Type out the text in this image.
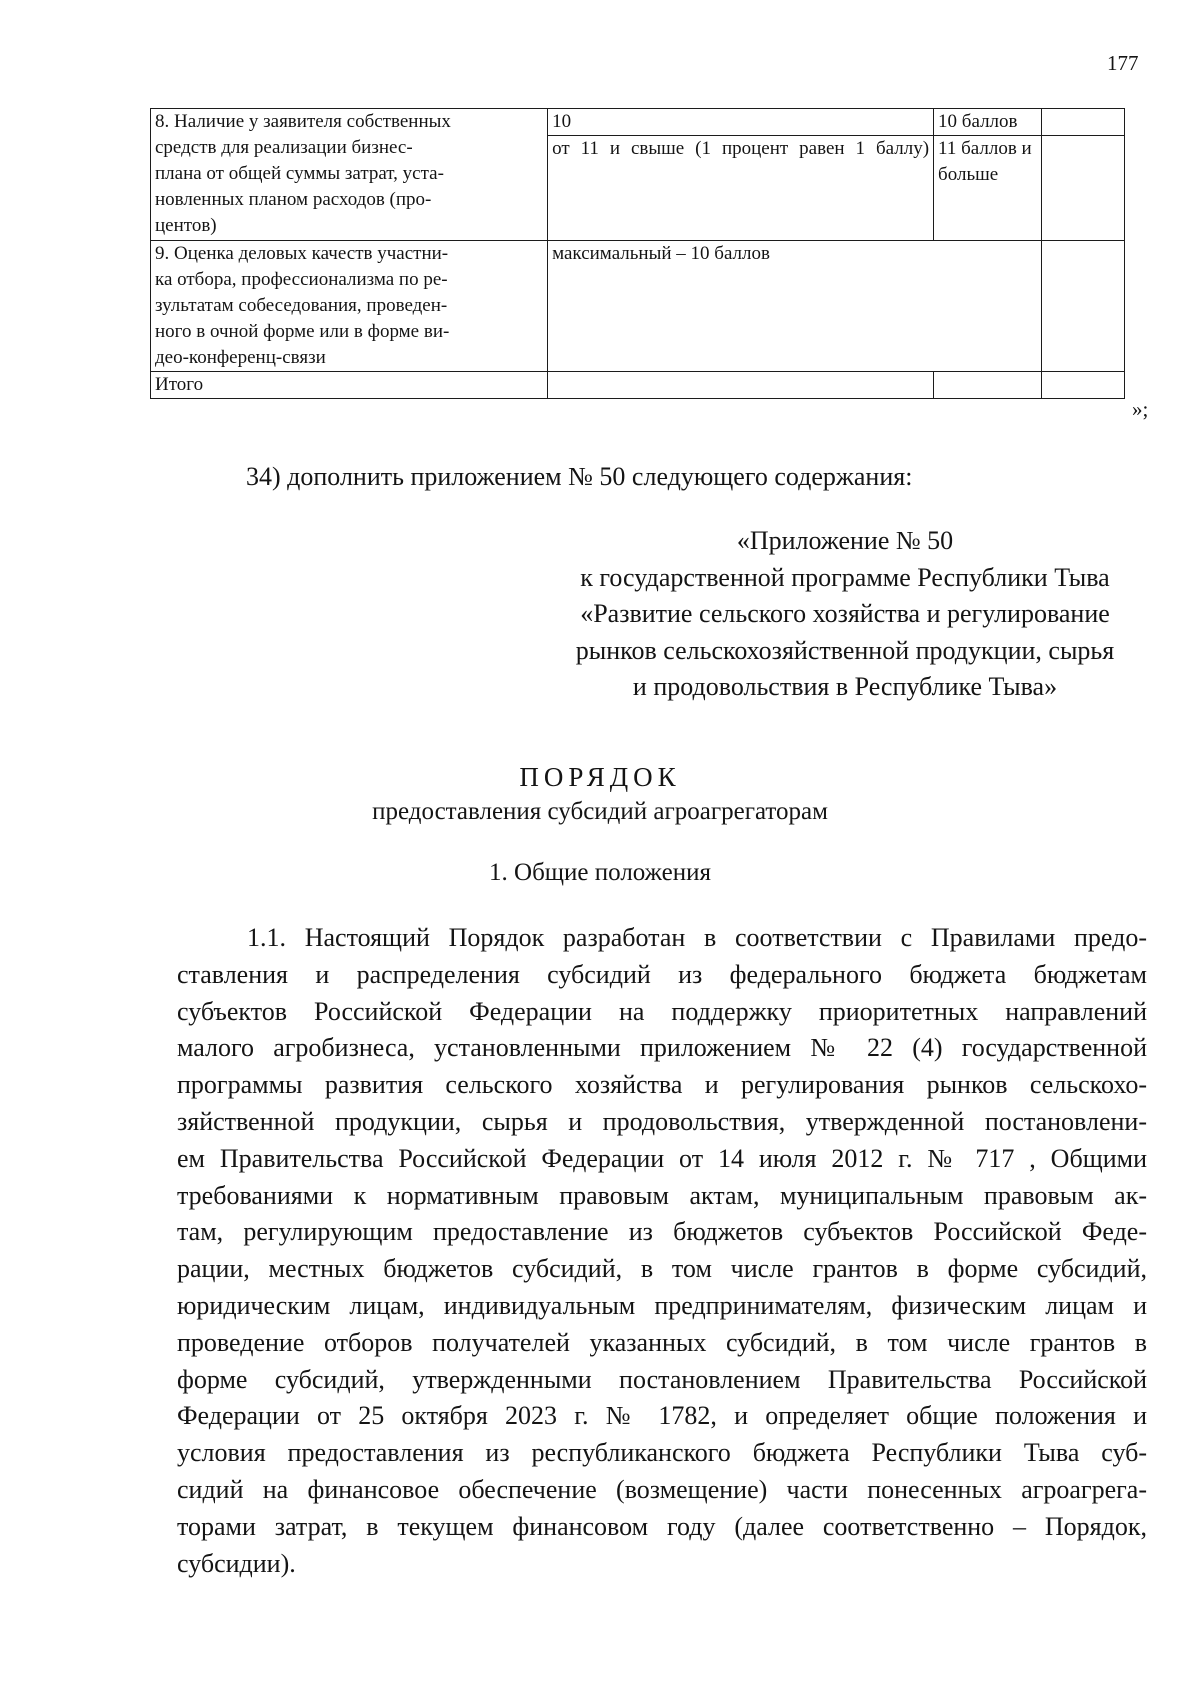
177
8. Наличие у заявителя собственных
средств для реализации бизнес-
плана от общей суммы затрат, уста-
новленных планом расходов (про-
центов)	10	10 баллов	
	от 11 и свыше (1 процент равен 1 баллу)	11 баллов и больше	

9. Оценка деловых качеств участни-
ка отбора, профессионализма по ре-
зультатам собеседования, проведен-
ного в очной форме или в форме ви-
део-конференц-связи	максимальный – 10 баллов		
Итого			
»;
34) дополнить приложением № 50 следующего содержания:
«Приложение № 50
к государственной программе Республики Тыва
«Развитие сельского хозяйства и регулирование
рынков сельскохозяйственной продукции, сырья
и продовольствия в Республике Тыва»
ПОРЯДОК
предоставления субсидий агроагрегаторам
1. Общие положения
1.1. Настоящий Порядок разработан в соответствии с Правилами предо-
ставления и распределения субсидий из федерального бюджета бюджетам
субъектов Российской Федерации на поддержку приоритетных направлений
малого агробизнеса, установленными приложением № 22 (4) государственной
программы развития сельского хозяйства и регулирования рынков сельскохо-
зяйственной продукции, сырья и продовольствия, утвержденной постановлени-
ем Правительства Российской Федерации от 14 июля 2012 г. № 717 , Общими
требованиями к нормативным правовым актам, муниципальным правовым ак-
там, регулирующим предоставление из бюджетов субъектов Российской Феде-
рации, местных бюджетов субсидий, в том числе грантов в форме субсидий,
юридическим лицам, индивидуальным предпринимателям, физическим лицам и
проведение отборов получателей указанных субсидий, в том числе грантов в
форме субсидий, утвержденными постановлением Правительства Российской
Федерации от 25 октября 2023 г. № 1782, и определяет общие положения и
условия предоставления из республиканского бюджета Республики Тыва суб-
сидий на финансовое обеспечение (возмещение) части понесенных агроагрега-
торами затрат, в текущем финансовом году (далее соответственно – Порядок,
субсидии).
